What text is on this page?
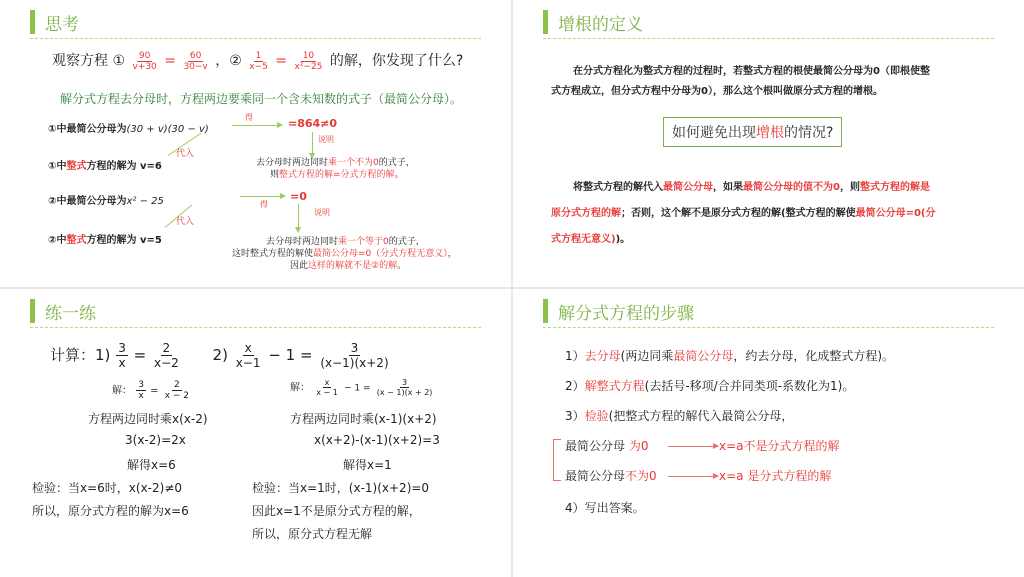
思考
观察方程 ① $\frac{90}{v+30} = \frac{60}{30-v}$ ，② $\frac{1}{x-5} = \frac{10}{\text{x²−25}}$ 的解，你发现了什么?
解分式方程去分母时，方程两边要乘同一个含未知数的式子（最简公分母）。
①中最简公分母为(30 + v)(30 − v)
得	=864≠0
说明
代入
①中整式方程的解为 v=6	去分母时两边同时乘一个不为0的式子，
则整式方程的解=分式方程的解。
②中最简公分母为x² − 25	得
=0
说明
代入
②中整式方程的解为 v=5	去分母时两边同时乘一个等于0的式子，
这时整式方程的解使最简公分母=0（分式方程无意义），
因此这样的解就不是②的解。
增根的定义
在分式方程化为整式方程的过程时，若整式方程的根使最简公分母为0（即根使整
式方程成立，但分式方程中分母为0），那么这个根叫做原分式方程的增根。
如何避免出现增根的情况?
将整式方程的解代入最简公分母，如果最简公分母的值不为0，则整式方程的解是
原分式方程的解；否则，这个解不是原分式方程的解(整式方程的解使最简公分母=0(分
式方程无意义))。
练一练
计算：$1) \frac{3}{x} = \frac{2}{x-2} 2) \frac{x}{x-1} - 1 = \frac{3}{(x-1)(x+2)}$
解： $\frac{3}{x} = \frac{2}{x - 2}$
方程两边同时乘x(x-2)
3(x-2)=2x
解得x=6
检验：当x=6时，x(x-2)≠0
所以，原分式方程的解为x=6
解： $\frac{x}{x - 1} - 1 = \frac{3}{(x - 1)(x + 2)}$
方程两边同时乘(x-1)(x+2)
x(x+2)-(x-1)(x+2)=3
解得x=1
检验：当x=1时，(x-1)(x+2)=0
因此x=1不是原分式方程的解，
所以，原分式方程无解
解分式方程的步骤
1）去分母(两边同乘最简公分母，约去分母，化成整式方程)。
2）解整式方程(去括号-移项/合并同类项-系数化为1)。
3）检验(把整式方程的解代入最简公分母，
最简公分母 为0	x=a不是分式方程的解
最简公分母不为0	x=a 是分式方程的解
4）写出答案。
